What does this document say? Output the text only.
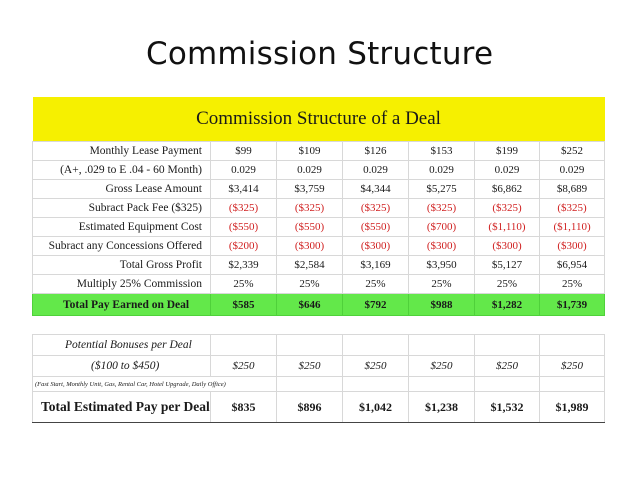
Commission Structure
Commission Structure of a Deal						
Monthly Lease Payment	$99	$109	$126	$153	$199	$252
(A+, .029 to E .04 - 60 Month)	0.029	0.029	0.029	0.029	0.029	0.029
Gross Lease Amount	$3,414	$3,759	$4,344	$5,275	$6,862	$8,689
Subract Pack Fee ($325)	($325)	($325)	($325)	($325)	($325)	($325)
Estimated Equipment Cost	($550)	($550)	($550)	($700)	($1,110)	($1,110)
Subract any Concessions Offered	($200)	($300)	($300)	($300)	($300)	($300)
Total Gross Profit	$2,339	$2,584	$3,169	$3,950	$5,127	$6,954
Multiply 25% Commission	25%	25%	25%	25%	25%	25%
Total Pay Earned on Deal	$585	$646	$792	$988	$1,282	$1,739

Potential Bonuses per Deal						
($100 to $450)	$250	$250	$250	$250	$250	$250
(Fast Start, Monthly Unit, Gas, Rental Car, Hotel Upgrade, Daily Office)						
Total Estimated Pay per Deal	$835	$896	$1,042	$1,238	$1,532	$1,989
